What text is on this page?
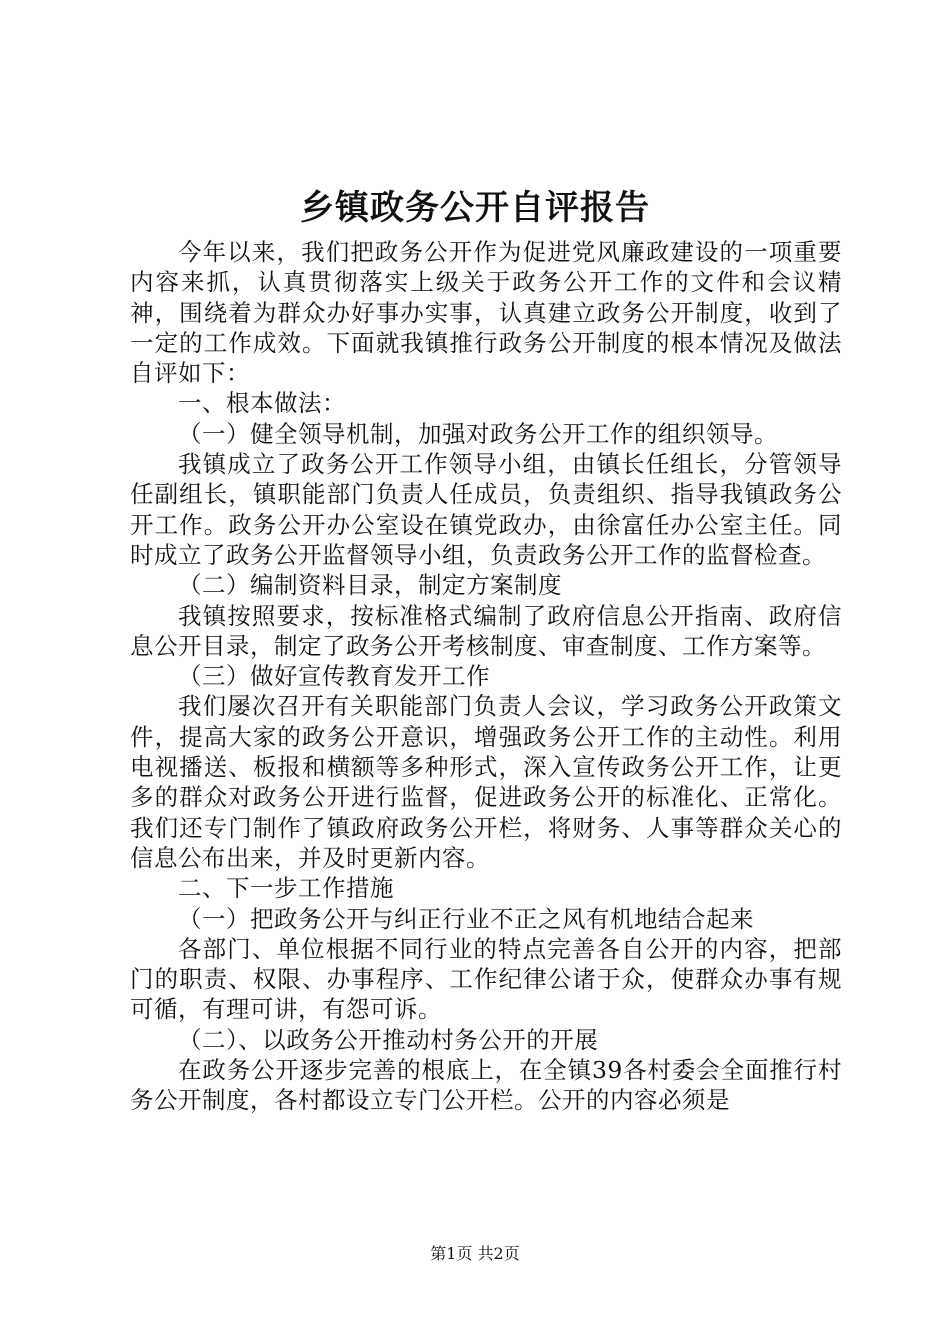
乡镇政务公开自评报告

今年以来，我们把政务公开作为促进党风廉政建设的一项重要内容来抓，认真贯彻落实上级关于政务公开工作的文件和会议精神，围绕着为群众办好事办实事，认真建立政务公开制度，收到了一定的工作成效。下面就我镇推行政务公开制度的根本情况及做法自评如下：

一、根本做法：

（一）健全领导机制，加强对政务公开工作的组织领导。

我镇成立了政务公开工作领导小组，由镇长任组长，分管领导任副组长，镇职能部门负责人任成员，负责组织、指导我镇政务公开工作。政务公开办公室设在镇党政办，由徐富任办公室主任。同时成立了政务公开监督领导小组，负责政务公开工作的监督检查。

（二）编制资料目录，制定方案制度

我镇按照要求，按标准格式编制了政府信息公开指南、政府信息公开目录，制定了政务公开考核制度、审查制度、工作方案等。

（三）做好宣传教育发开工作

我们屡次召开有关职能部门负责人会议，学习政务公开政策文件，提高大家的政务公开意识，增强政务公开工作的主动性。利用电视播送、板报和横额等多种形式，深入宣传政务公开工作，让更多的群众对政务公开进行监督，促进政务公开的标准化、正常化。我们还专门制作了镇政府政务公开栏，将财务、人事等群众关心的信息公布出来，并及时更新内容。

二、下一步工作措施

（一）把政务公开与纠正行业不正之风有机地结合起来

各部门、单位根据不同行业的特点完善各自公开的内容，把部门的职责、权限、办事程序、工作纪律公诸于众，使群众办事有规可循，有理可讲，有怨可诉。

（二）、以政务公开推动村务公开的开展

在政务公开逐步完善的根底上，在全镇39各村委会全面推行村务公开制度，各村都设立专门公开栏。公开的内容必须是

第1页 共2页
